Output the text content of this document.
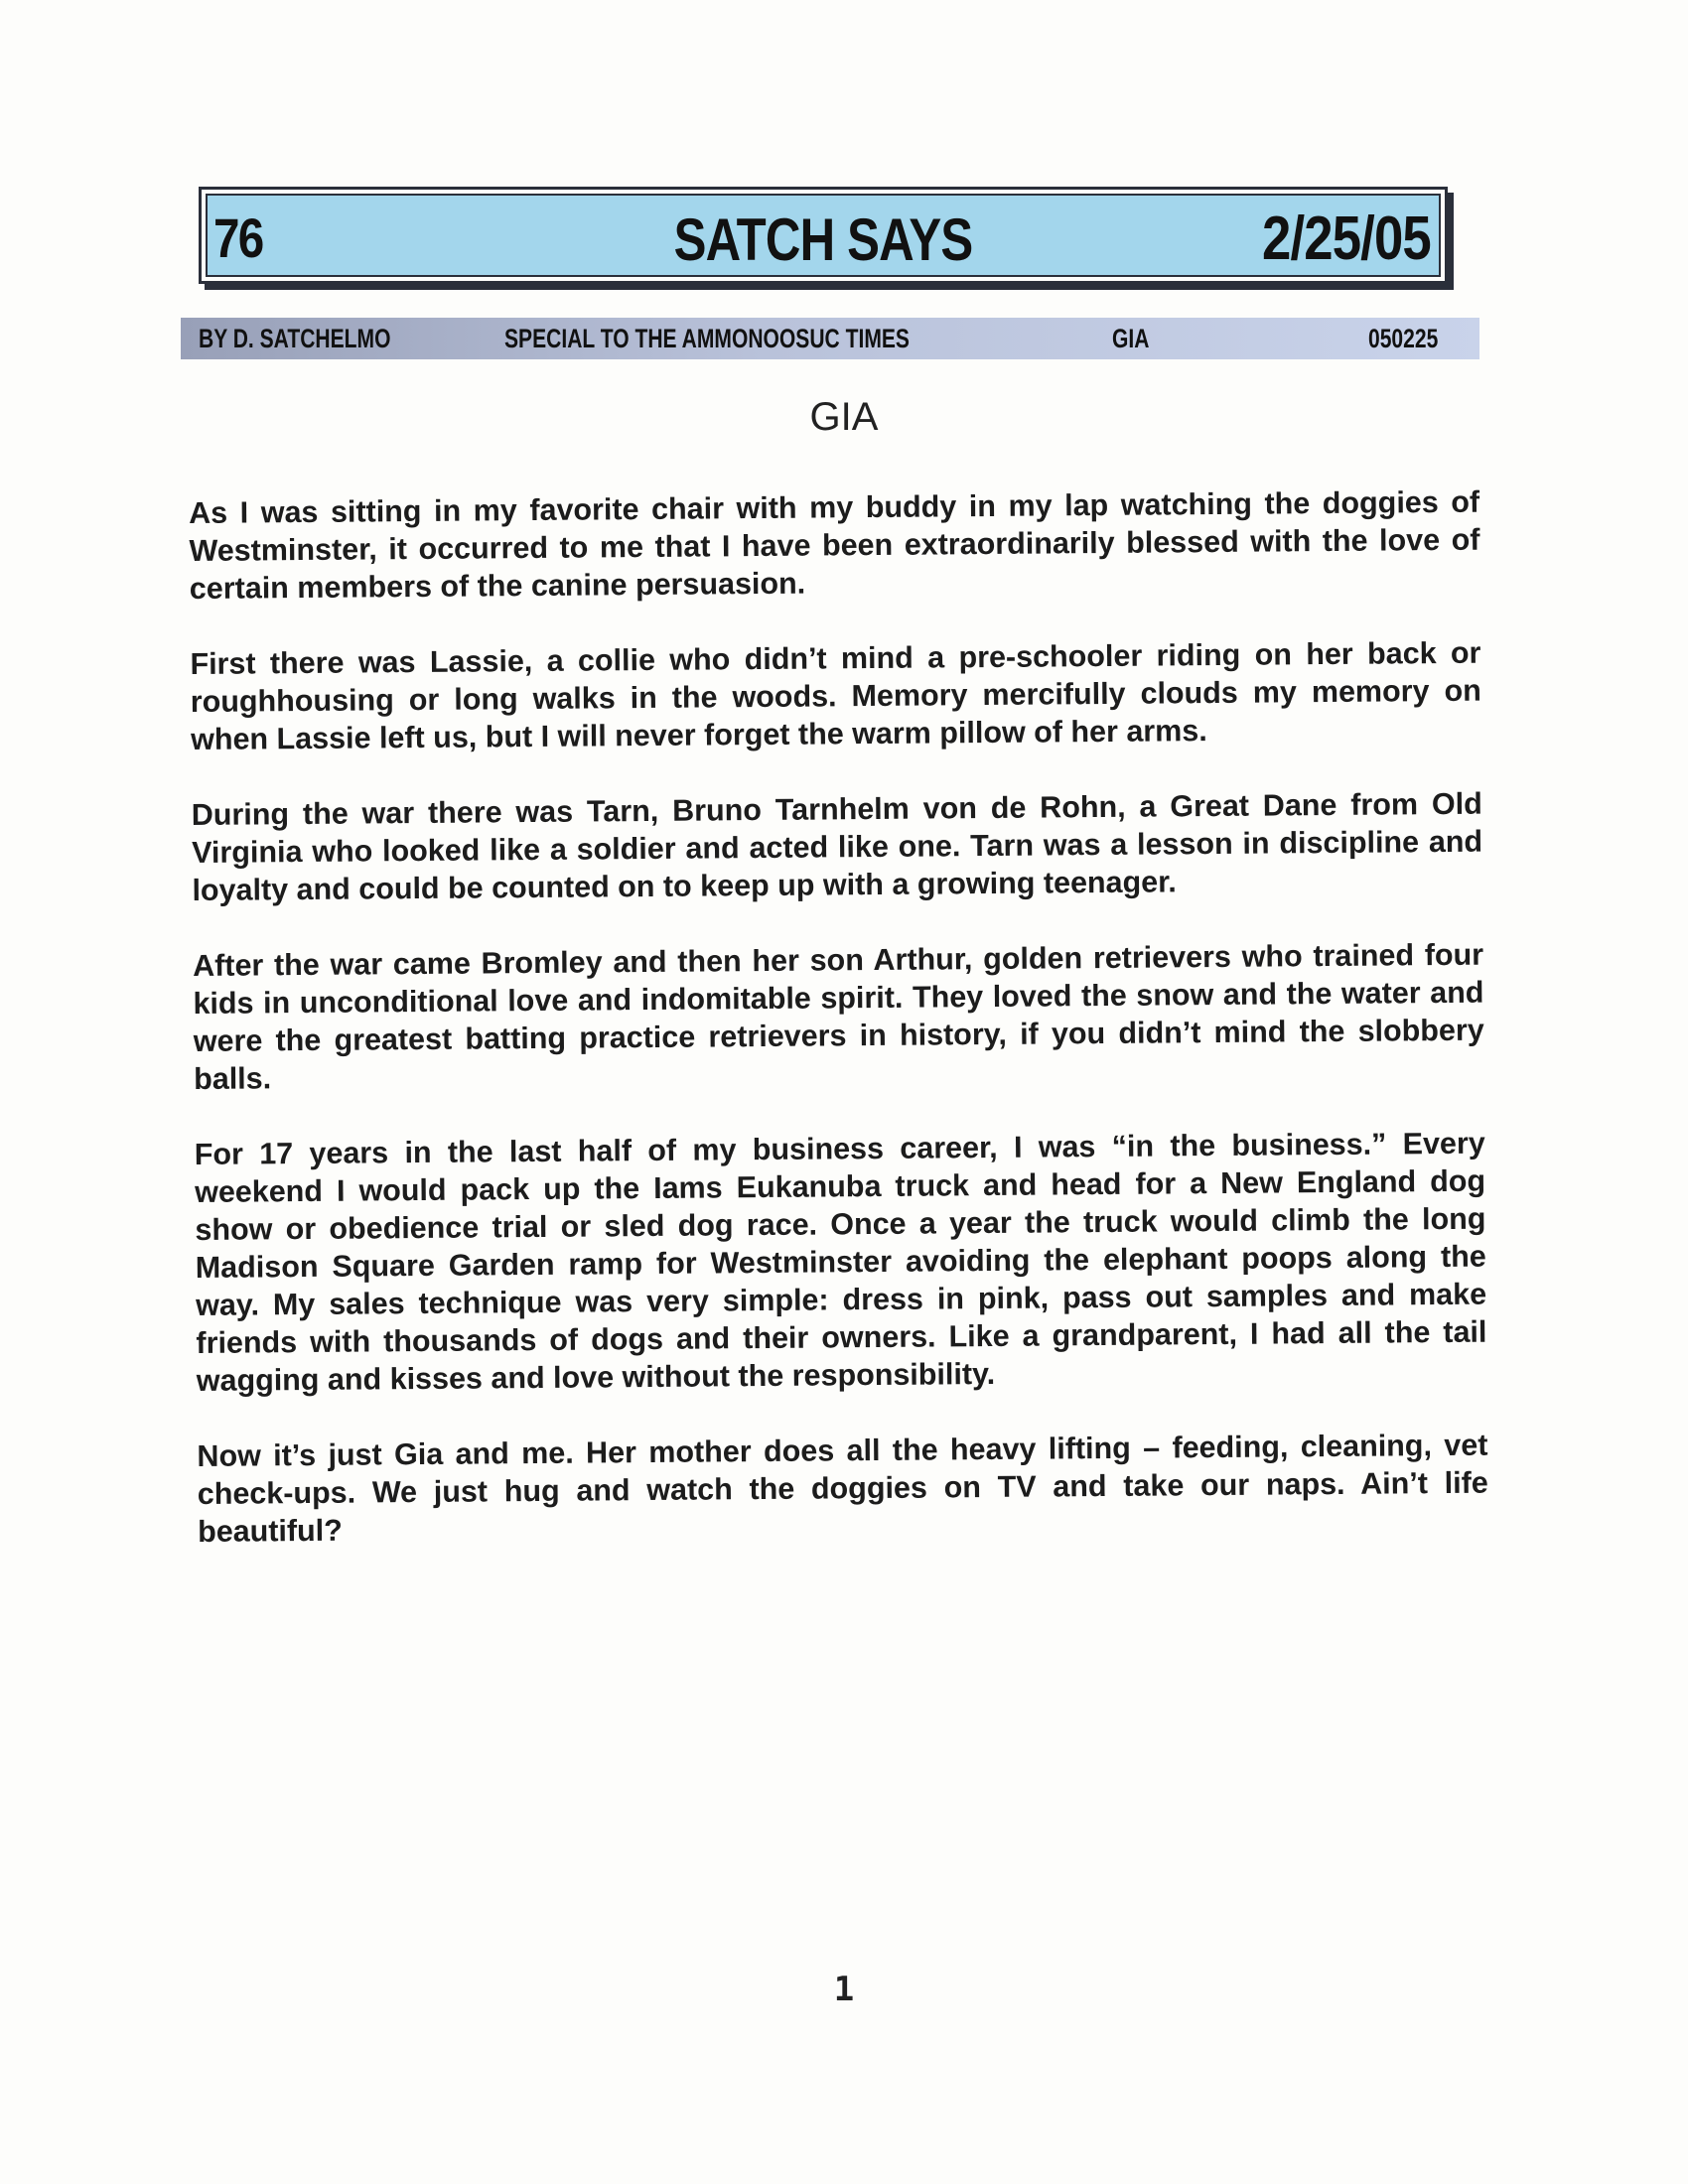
76	SATCH SAYS	2/25/05
BY D. SATCHELMO	SPECIAL TO THE AMMONOOSUC TIMES	GIA	050225
GIA

As I was sitting in my favorite chair with my buddy in my lap watching the doggies of Westminster, it occurred to me that I have been extraordinarily blessed with the love of certain members of the canine persuasion.

First there was Lassie, a collie who didn’t mind a pre-schooler riding on her back or roughhousing or long walks in the woods. Memory mercifully clouds my memory on when Lassie left us, but I will never forget the warm pillow of her arms.

During the war there was Tarn, Bruno Tarnhelm von de Rohn, a Great Dane from Old Virginia who looked like a soldier and acted like one. Tarn was a lesson in discipline and loyalty and could be counted on to keep up with a growing teenager.

After the war came Bromley and then her son Arthur, golden retrievers who trained four kids in unconditional love and indomitable spirit. They loved the snow and the water and were the greatest batting practice retrievers in history, if you didn’t mind the slobbery balls.

For 17 years in the last half of my business career, I was “in the business.” Every weekend I would pack up the Iams Eukanuba truck and head for a New England dog show or obedience trial or sled dog race. Once a year the truck would climb the long Madison Square Garden ramp for Westminster avoiding the elephant poops along the way. My sales technique was very simple: dress in pink, pass out samples and make friends with thousands of dogs and their owners. Like a grandparent, I had all the tail wagging and kisses and love without the responsibility.

Now it’s just Gia and me. Her mother does all the heavy lifting – feeding, cleaning, vet check-ups. We just hug and watch the doggies on TV and take our naps. Ain’t life beautiful?

1
